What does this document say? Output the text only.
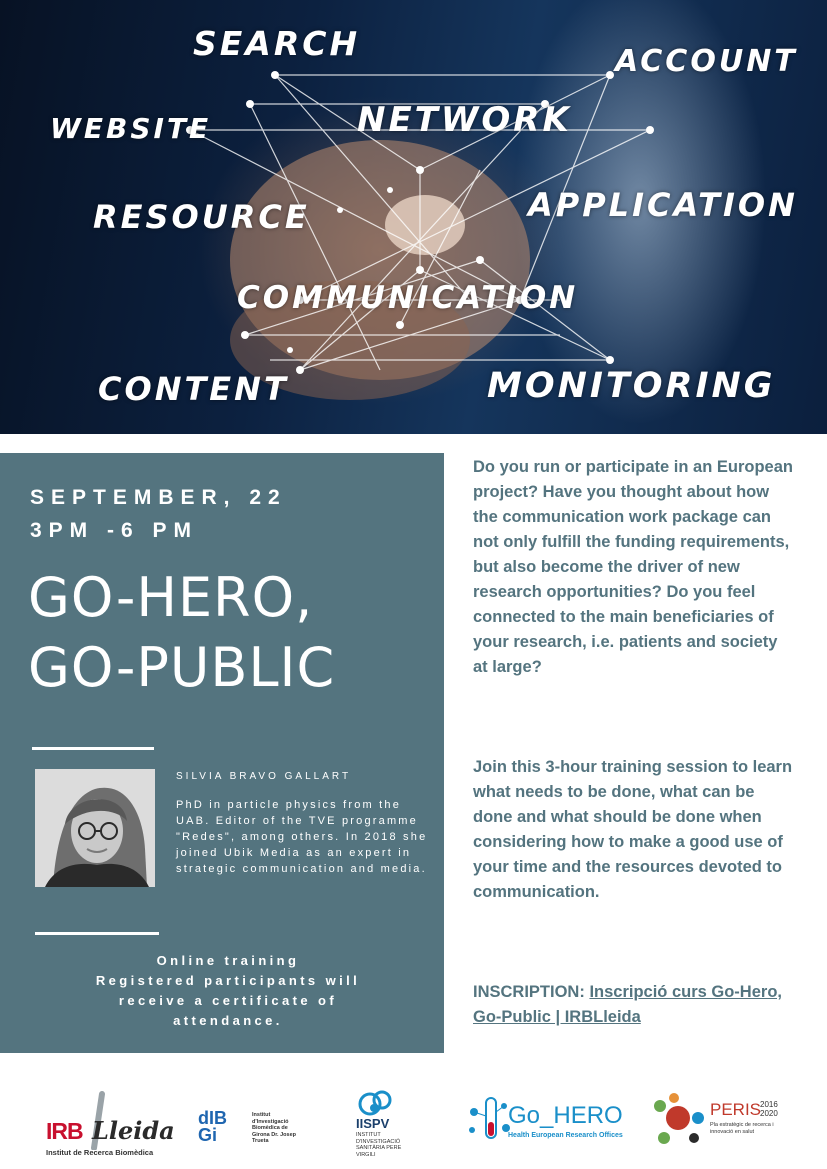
SEARCH	ACCOUNT
WEBSITE	NETWORK
RESOURCE	APPLICATION
COMMUNICATION
CONTENT	MONITORING
SEPTEMBER, 22
3PM -6 PM
GO-HERO,
GO-PUBLIC
SILVIA BRAVO GALLART
PhD in particle physics from the UAB. Editor of the TVE programme "Redes", among others. In 2018 she joined Ubik Media as an expert in strategic communication and media.
Online training
Registered participants will receive a certificate of attendance.
Do you run or participate in an European project? Have you thought about how the communication work package can not only fulfill the funding requirements, but also become the driver of new research opportunities? Do you feel connected to the main beneficiaries of your research, i.e. patients and society at large?
Join this 3-hour training session to learn what needs to be done, what can be done and what should be done when considering how to make a good use of your time and the resources devoted to communication.
INSCRIPTION: Inscripció curs Go-Hero, Go-Public | IRBLleida
IRB Lleida
Institut de Recerca Biomèdica
dIB Gi
Institut d'Investigació Biomèdica de Girona Dr. Josep Trueta
IISPV
INSTITUT D'INVESTIGACIÓ SANITÀRIA PERE VIRGILI
Go_HERO
Health European Research Offices
PERIS
2016
2020
Pla estratègic de recerca i innovació en salut
